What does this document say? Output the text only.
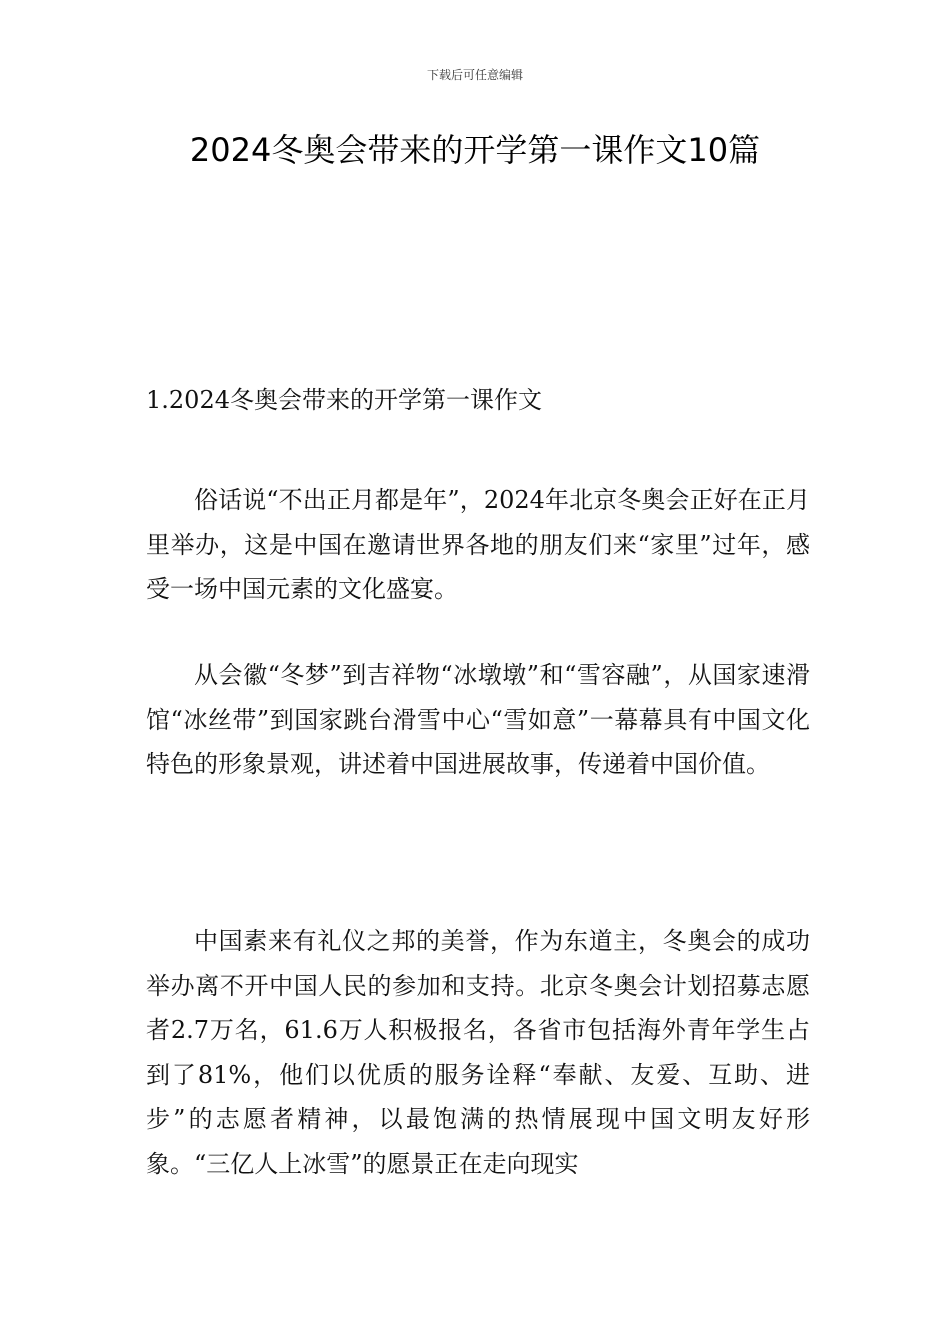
下载后可任意编辑
2024冬奥会带来的开学第一课作文10篇
1.2024冬奥会带来的开学第一课作文

俗话说“不出正月都是年”，2024年北京冬奥会正好在正月里举办，这是中国在邀请世界各地的朋友们来“家里”过年，感受一场中国元素的文化盛宴。

从会徽“冬梦”到吉祥物“冰墩墩”和“雪容融”，从国家速滑馆“冰丝带”到国家跳台滑雪中心“雪如意”一幕幕具有中国文化特色的形象景观，讲述着中国进展故事，传递着中国价值。

中国素来有礼仪之邦的美誉，作为东道主，冬奥会的成功举办离不开中国人民的参加和支持。北京冬奥会计划招募志愿者2.7万名，61.6万人积极报名，各省市包括海外青年学生占到了81%，他们以优质的服务诠释“奉献、友爱、互助、进步”的志愿者精神，以最饱满的热情展现中国文明友好形象。“三亿人上冰雪”的愿景正在走向现实
